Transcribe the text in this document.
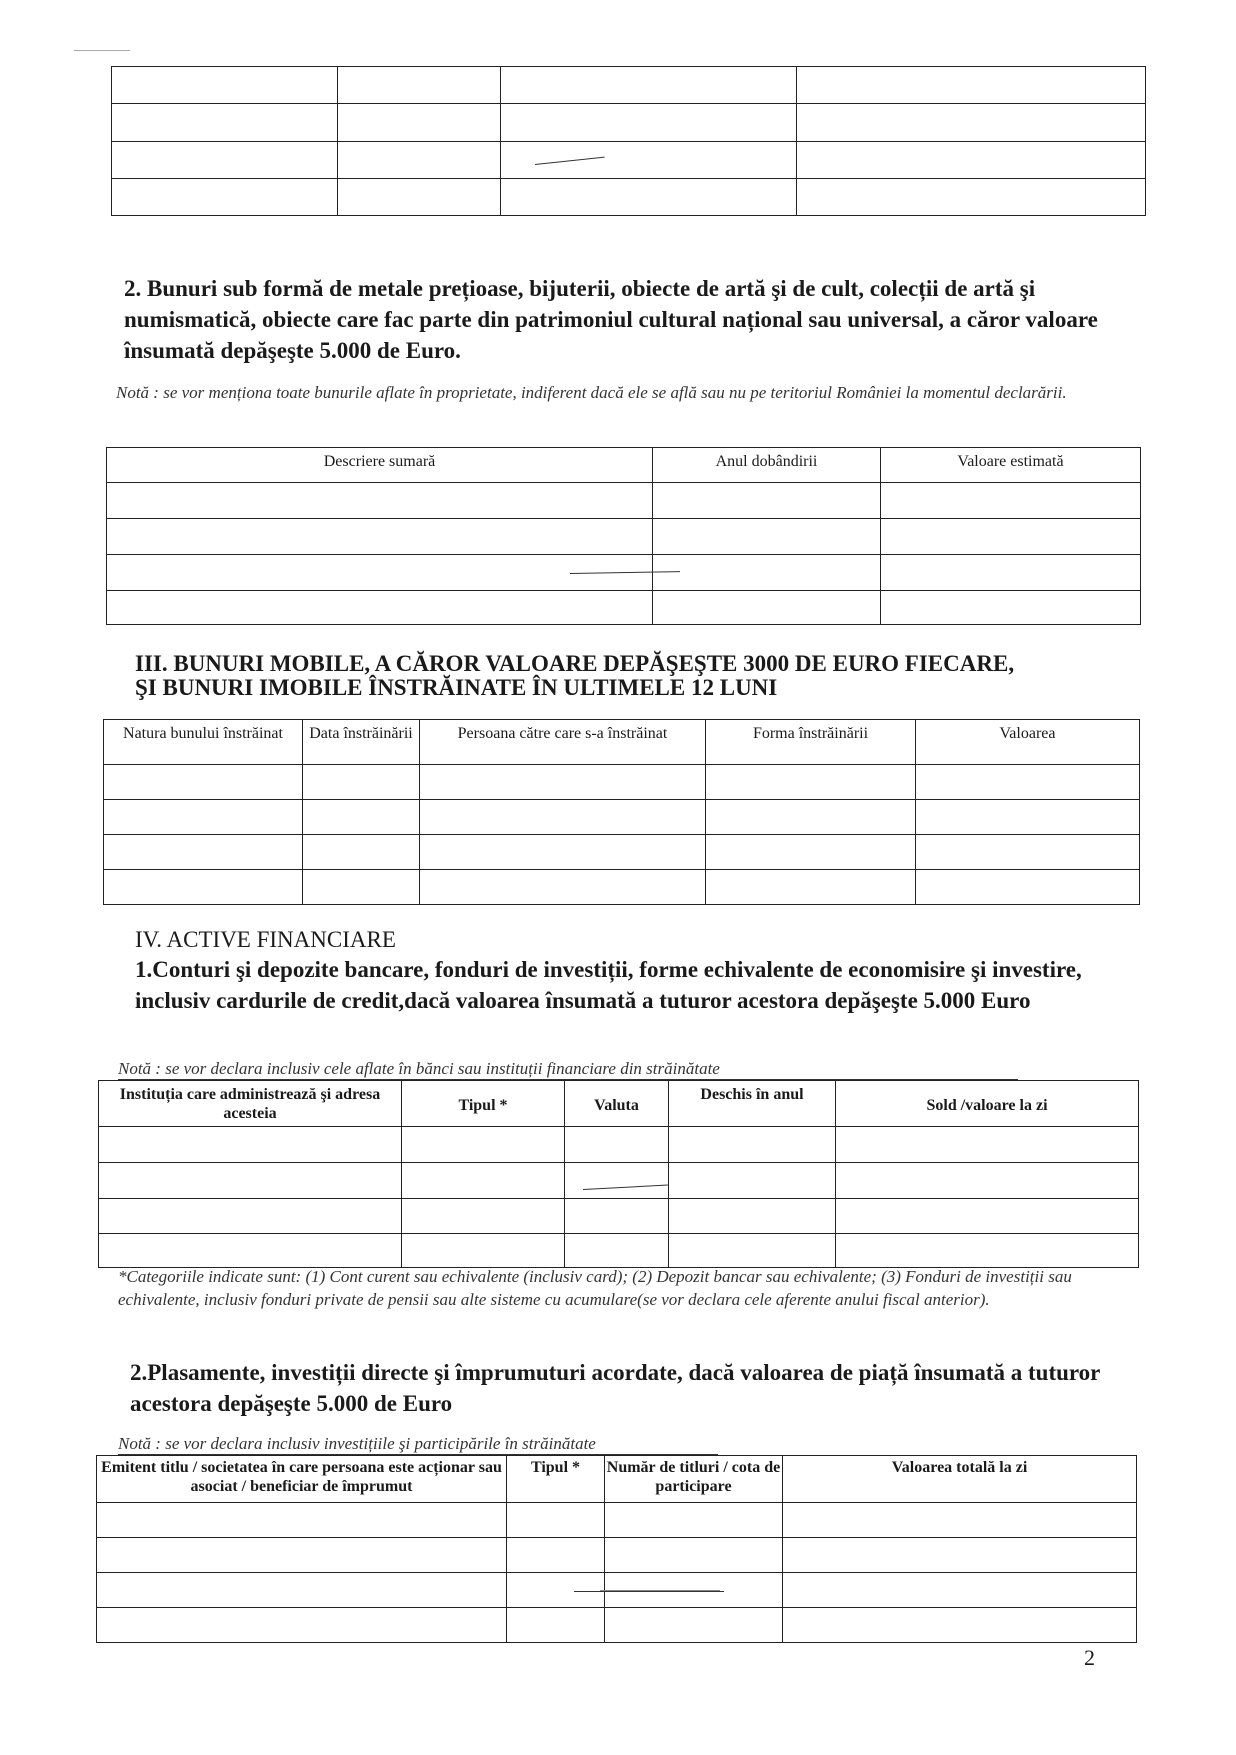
2. Bunuri sub formă de metale prețioase, bijuterii, obiecte de artă şi de cult, colecții de artă şi numismatică, obiecte care fac parte din patrimoniul cultural național sau universal, a căror valoare însumată depăşeşte 5.000 de Euro.
Notă : se vor menționa toate bunurile aflate în proprietate, indiferent dacă ele se află sau nu pe teritoriul României la momentul declarării.
Descriere sumară	Anul dobândirii	Valoare estimată

III. BUNURI MOBILE, A CĂROR VALOARE DEPĂŞEŞTE 3000 DE EURO FIECARE,
ŞI BUNURI IMOBILE ÎNSTRĂINATE ÎN ULTIMELE 12 LUNI
Natura bunului înstrăinat	Data înstrăinării	Persoana către care s-a înstrăinat	Forma înstrăinării	Valoarea

IV. ACTIVE FINANCIARE
1.Conturi şi depozite bancare, fonduri de investiții, forme echivalente de economisire şi investire, inclusiv cardurile de credit,dacă valoarea însumată a tuturor acestora depăşeşte 5.000 Euro
Notă : se vor declara inclusiv cele aflate în bănci sau instituții financiare din străinătate
Instituția care administrează şi adresa acesteia	Tipul *	Valuta	Deschis în anul	Sold /valoare la zi

*Categoriile indicate sunt: (1) Cont curent sau echivalente (inclusiv card); (2) Depozit bancar sau echivalente; (3) Fonduri de investiții sau echivalente, inclusiv fonduri private de pensii sau alte sisteme cu acumulare(se vor declara cele aferente anului fiscal anterior).
2.Plasamente, investiții directe şi împrumuturi acordate, dacă valoarea de piață însumată a tuturor acestora depăşeşte 5.000 de Euro
Notă : se vor declara inclusiv investițiile şi participările în străinătate
Emitent titlu / societatea în care persoana este acționar sau asociat / beneficiar de împrumut	Tipul *	Număr de titluri / cota de participare	Valoarea totală la zi

2
